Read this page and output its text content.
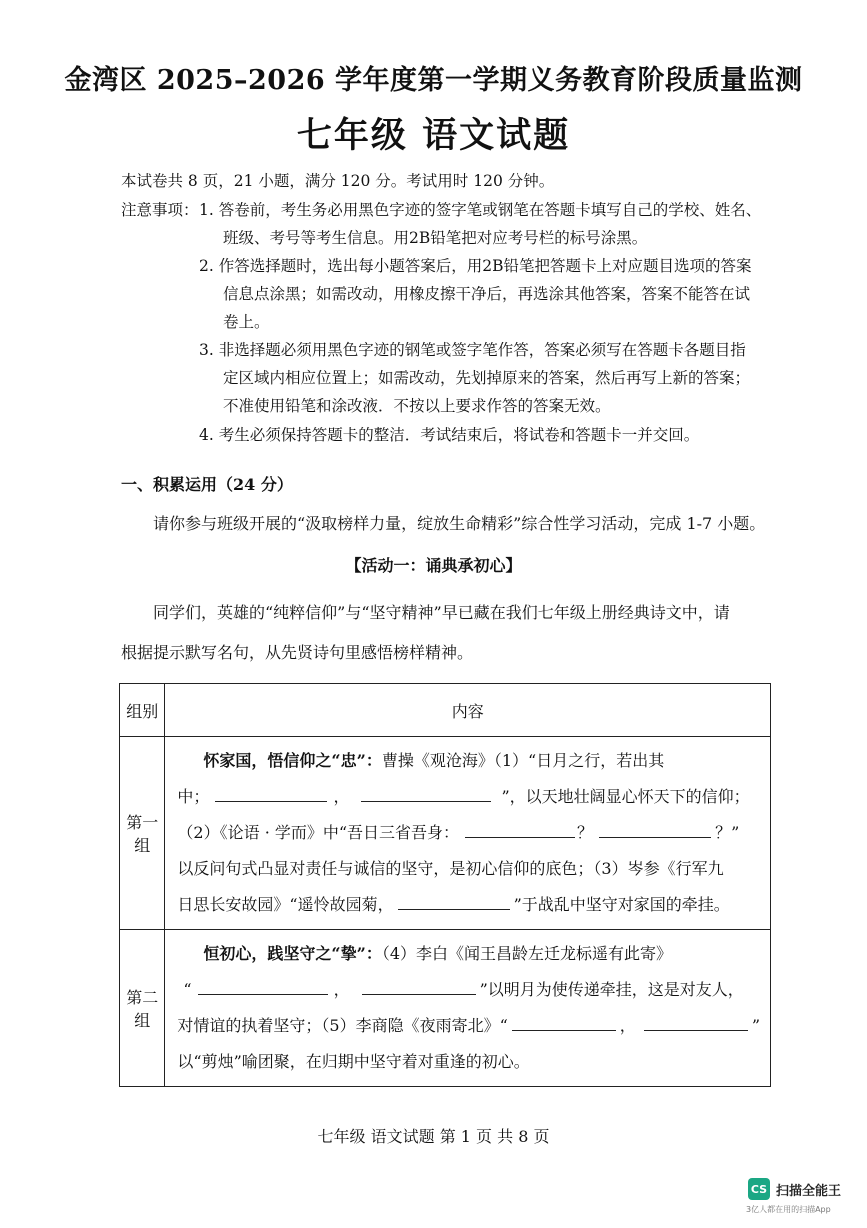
金湾区 2025–2026 学年度第一学期义务教育阶段质量监测
七年级 语文试题
本试卷共 8 页，21 小题，满分 120 分。考试用时 120 分钟。
注意事项： 1. 答卷前，考生务必用黑色字迹的签字笔或钢笔在答题卡填写自己的学校、姓名、
班级、考号等考生信息。用2B铅笔把对应考号栏的标号涂黑。
2. 作答选择题时，选出每小题答案后，用2B铅笔把答题卡上对应题目选项的答案
信息点涂黑；如需改动，用橡皮擦干净后，再选涂其他答案，答案不能答在试
卷上。
3. 非选择题必须用黑色字迹的钢笔或签字笔作答，答案必须写在答题卡各题目指
定区域内相应位置上；如需改动，先划掉原来的答案，然后再写上新的答案；
不准使用铅笔和涂改液．不按以上要求作答的答案无效。
4. 考生必须保持答题卡的整洁．考试结束后，将试卷和答题卡一并交回。
一、积累运用（24 分）
请你参与班级开展的“汲取榜样力量，绽放生命精彩”综合性学习活动，完成 1-7 小题。
【活动一：诵典承初心】
同学们，英雄的“纯粹信仰”与“坚守精神”早已藏在我们七年级上册经典诗文中，请
根据提示默写名句，从先贤诗句里感悟榜样精神。
组别	内容
第一组	怀家国，悟信仰之“忠”：曹操《观沧海》（1）“日月之行，若出其
中； ， ”，以天地壮阔显心怀天下的信仰；
（2）《论语 · 学而》中“吾日三省吾身： ？ ？”
以反问句式凸显对责任与诚信的坚守，是初心信仰的底色；（3）岑参《行军九
日思长安故园》“遥怜故园菊， ”于战乱中坚守对家国的牵挂。

第二组	恒初心，践坚守之“挚”：（4）李白《闻王昌龄左迁龙标遥有此寄》
“ ， ”以明月为使传递牵挂，这是对友人，
对情谊的执着坚守；（5）李商隐《夜雨寄北》“ ， ”
以“剪烛”喻团聚，在归期中坚守着对重逢的初心。
七年级 语文试题 第 1 页 共 8 页
CS 扫描全能王
3亿人都在用的扫描App
